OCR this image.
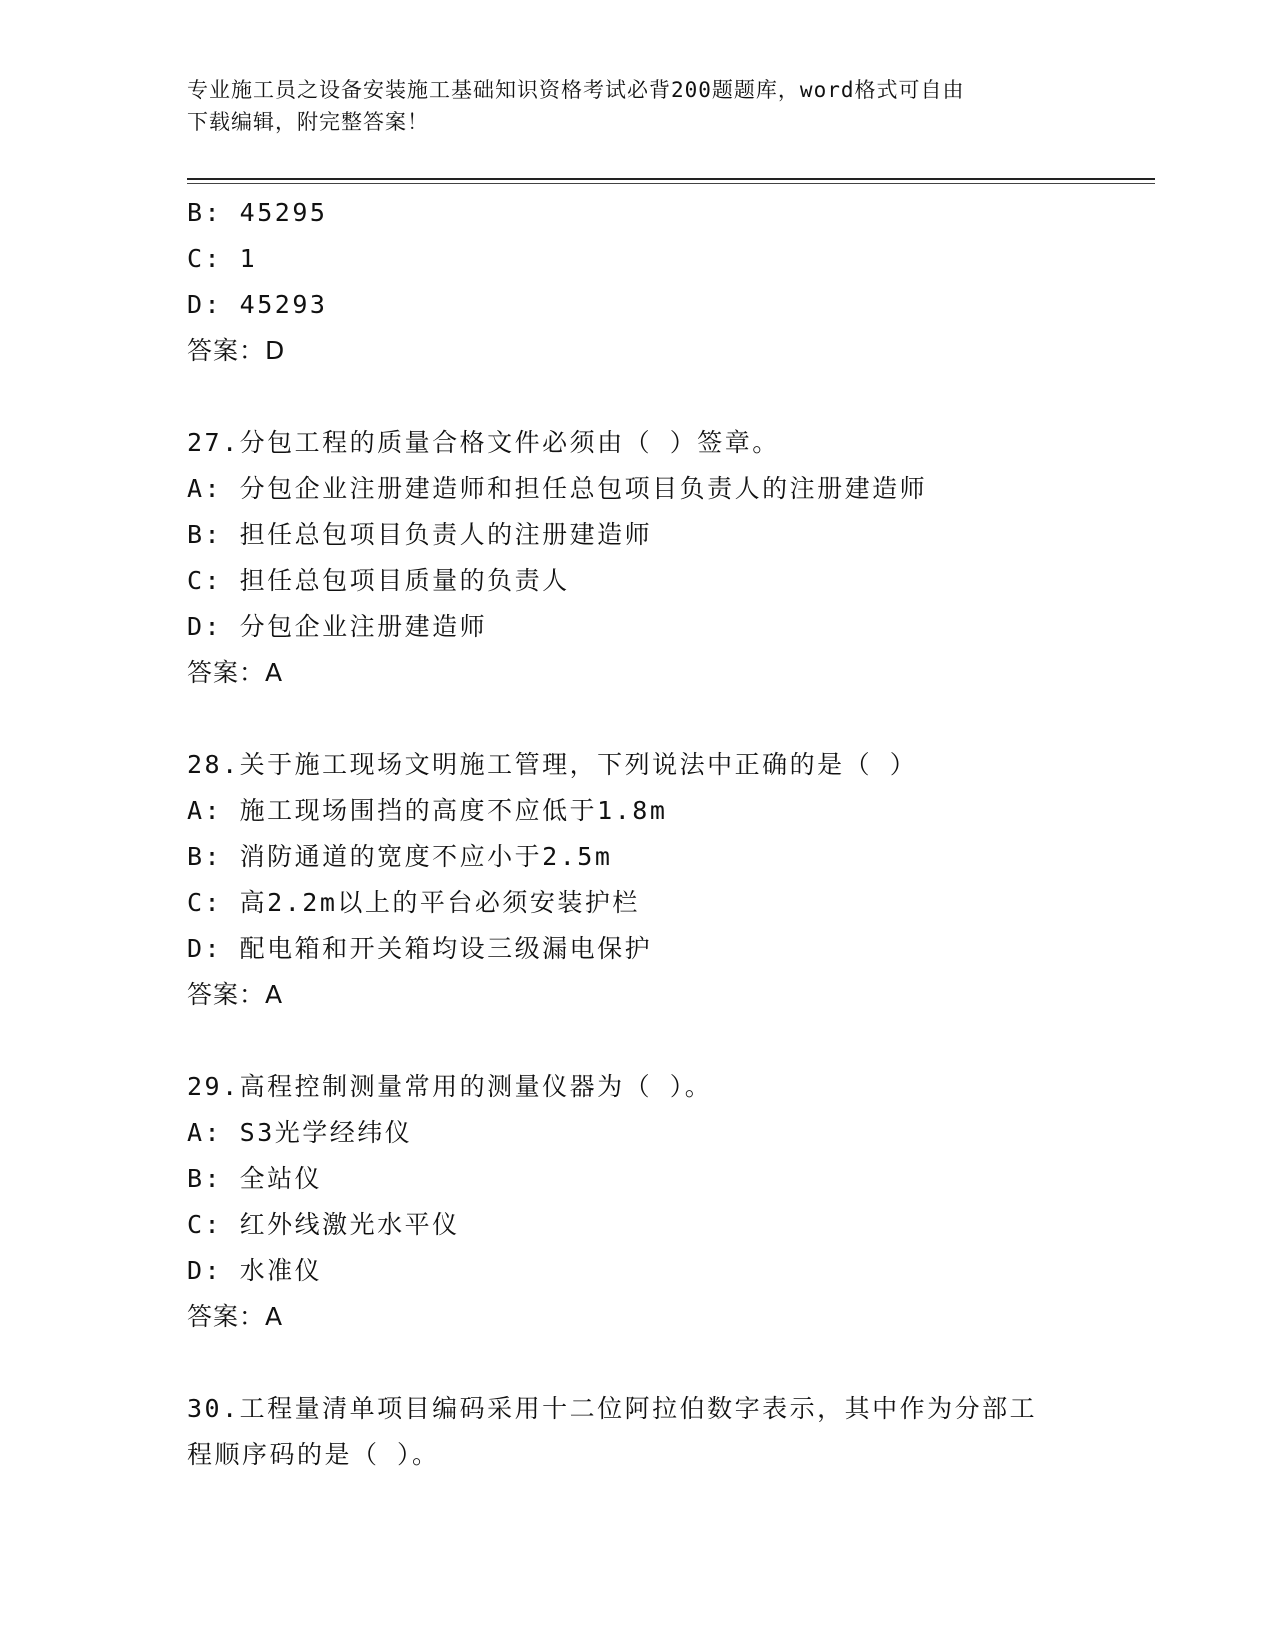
专业施工员之设备安装施工基础知识资格考试必背200题题库，word格式可自由
下载编辑，附完整答案！
B: 45295
C: 1
D: 45293
答案：D
27.分包工程的质量合格文件必须由（ ）签章。
A: 分包企业注册建造师和担任总包项目负责人的注册建造师
B: 担任总包项目负责人的注册建造师
C: 担任总包项目质量的负责人
D: 分包企业注册建造师
答案：A
28.关于施工现场文明施工管理，下列说法中正确的是（ ）
A: 施工现场围挡的高度不应低于1.8m
B: 消防通道的宽度不应小于2.5m
C: 高2.2m以上的平台必须安装护栏
D: 配电箱和开关箱均设三级漏电保护
答案：A
29.高程控制测量常用的测量仪器为（ ）。
A: S3光学经纬仪
B: 全站仪
C: 红外线激光水平仪
D: 水准仪
答案：A
30.工程量清单项目编码采用十二位阿拉伯数字表示，其中作为分部工
程顺序码的是（ ）。
